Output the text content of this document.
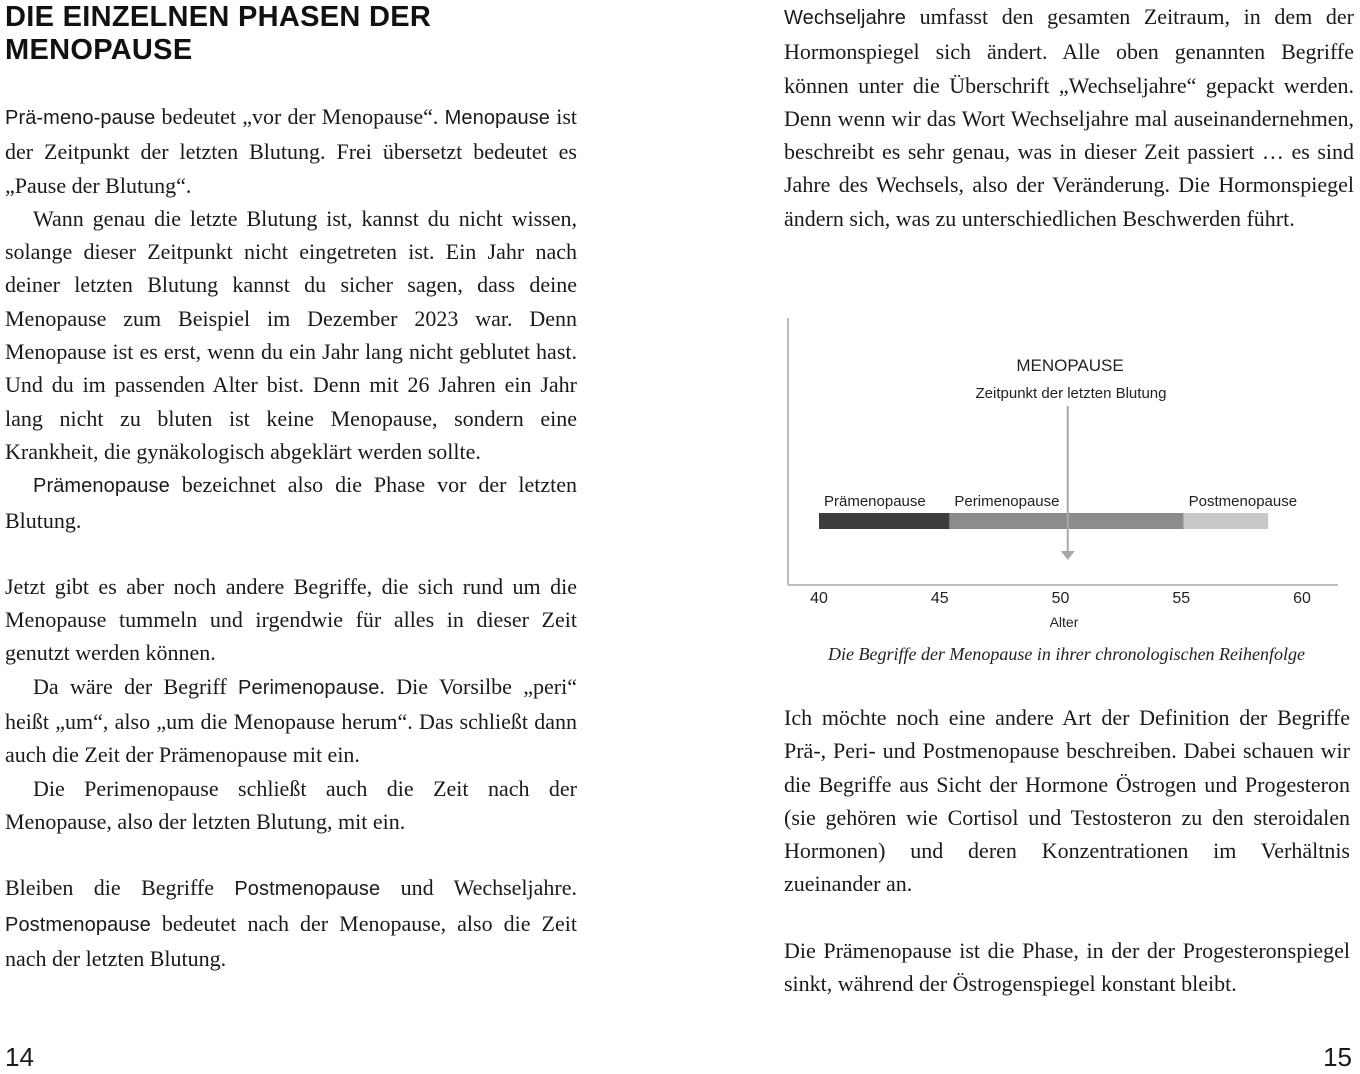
DIE EINZELNEN PHASEN DER MENOPAUSE

Prä-meno-pause bedeutet „vor der Menopause“. Menopause ist der Zeitpunkt der letzten Blutung. Frei übersetzt bedeutet es „Pause der Blutung“.

Wann genau die letzte Blutung ist, kannst du nicht wissen, solange dieser Zeitpunkt nicht eingetreten ist. Ein Jahr nach deiner letzten Blutung kannst du sicher sagen, dass deine Menopause zum Beispiel im Dezember 2023 war. Denn Menopause ist es erst, wenn du ein Jahr lang nicht geblutet hast. Und du im passenden Alter bist. Denn mit 26 Jahren ein Jahr lang nicht zu bluten ist keine Menopause, sondern eine Krankheit, die gynäkologisch abgeklärt werden sollte.

Prämenopause bezeichnet also die Phase vor der letzten Blutung.

Jetzt gibt es aber noch andere Begriffe, die sich rund um die Menopause tummeln und irgendwie für alles in dieser Zeit genutzt werden können.

Da wäre der Begriff Perimenopause. Die Vorsilbe „peri“ heißt „um“, also „um die Menopause herum“. Das schließt dann auch die Zeit der Prämenopause mit ein.

Die Perimenopause schließt auch die Zeit nach der Menopause, also der letzten Blutung, mit ein.

Bleiben die Begriffe Postmenopause und Wechseljahre. Postmenopause bedeutet nach der Menopause, also die Zeit nach der letzten Blutung.

14

Wechseljahre umfasst den gesamten Zeitraum, in dem der Hormonspiegel sich ändert. Alle oben genannten Begriffe können unter die Überschrift „Wechseljahre“ gepackt werden. Denn wenn wir das Wort Wechseljahre mal auseinandernehmen, beschreibt es sehr genau, was in dieser Zeit passiert … es sind Jahre des Wechsels, also der Veränderung. Die Hormonspiegel ändern sich, was zu unterschiedlichen Beschwerden führt.

MENOPAUSE
Zeitpunkt der letzten Blutung
Prämenopause Perimenopause	Postmenopause
40	45	50	55	60
Alter
Die Begriffe der Menopause in ihrer chronologischen Reihenfolge

Ich möchte noch eine andere Art der Definition der Begriffe Prä-, Peri- und Postmenopause beschreiben. Dabei schauen wir die Begriffe aus Sicht der Hormone Östrogen und Progesteron (sie gehören wie Cortisol und Testosteron zu den steroidalen Hormonen) und deren Konzentrationen im Verhältnis zueinander an.

Die Prämenopause ist die Phase, in der der Progesteronspiegel sinkt, während der Östrogenspiegel konstant bleibt.

15
